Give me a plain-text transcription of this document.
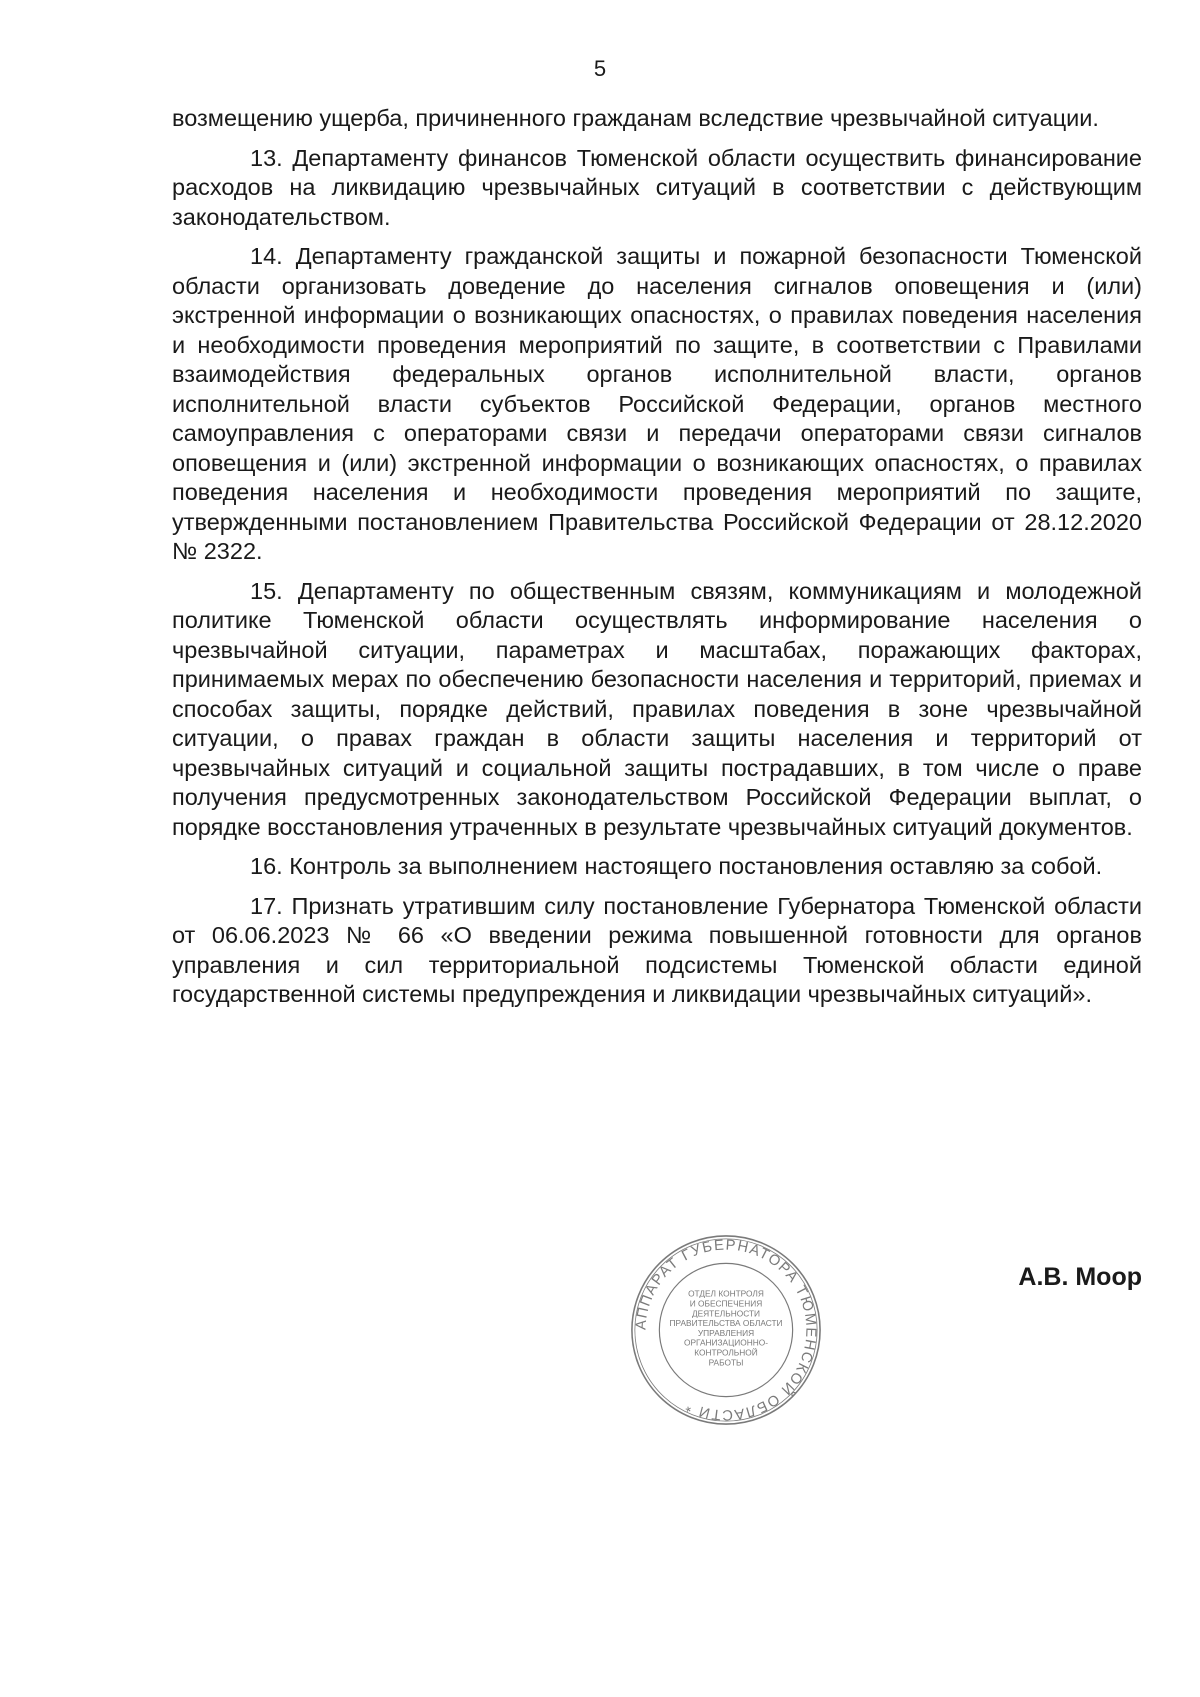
5

возмещению ущерба, причиненного гражданам вследствие чрезвычайной ситуации.

13. Департаменту финансов Тюменской области осуществить финансирование расходов на ликвидацию чрезвычайных ситуаций в соответствии с действующим законодательством.

14. Департаменту гражданской защиты и пожарной безопасности Тюменской области организовать доведение до населения сигналов оповещения и (или) экстренной информации о возникающих опасностях, о правилах поведения населения и необходимости проведения мероприятий по защите, в соответствии с Правилами взаимодействия федеральных органов исполнительной власти, органов исполнительной власти субъектов Российской Федерации, органов местного самоуправления с операторами связи и передачи операторами связи сигналов оповещения и (или) экстренной информации о возникающих опасностях, о правилах поведения населения и необходимости проведения мероприятий по защите, утвержденными постановлением Правительства Российской Федерации от 28.12.2020 № 2322.

15. Департаменту по общественным связям, коммуникациям и молодежной политике Тюменской области осуществлять информирование населения о чрезвычайной ситуации, параметрах и масштабах, поражающих факторах, принимаемых мерах по обеспечению безопасности населения и территорий, приемах и способах защиты, порядке действий, правилах поведения в зоне чрезвычайной ситуации, о правах граждан в области защиты населения и территорий от чрезвычайных ситуаций и социальной защиты пострадавших, в том числе о праве получения предусмотренных законодательством Российской Федерации выплат, о порядке восстановления утраченных в результате чрезвычайных ситуаций документов.

16. Контроль за выполнением настоящего постановления оставляю за собой.

17. Признать утратившим силу постановление Губернатора Тюменской области от 06.06.2023 № 66 «О введении режима повышенной готовности для органов управления и сил территориальной подсистемы Тюменской области единой государственной системы предупреждения и ликвидации чрезвычайных ситуаций».

АППАРАТ ГУБЕРНАТОРА ТЮМЕНСКОЙ ОБЛАСТИ *
ОТДЕЛ КОНТРОЛЯ
И ОБЕСПЕЧЕНИЯ
ДЕЯТЕЛЬНОСТИ
ПРАВИТЕЛЬСТВА ОБЛАСТИ
УПРАВЛЕНИЯ
ОРГАНИЗАЦИОННО-
КОНТРОЛЬНОЙ
РАБОТЫ
А.В. Моор
